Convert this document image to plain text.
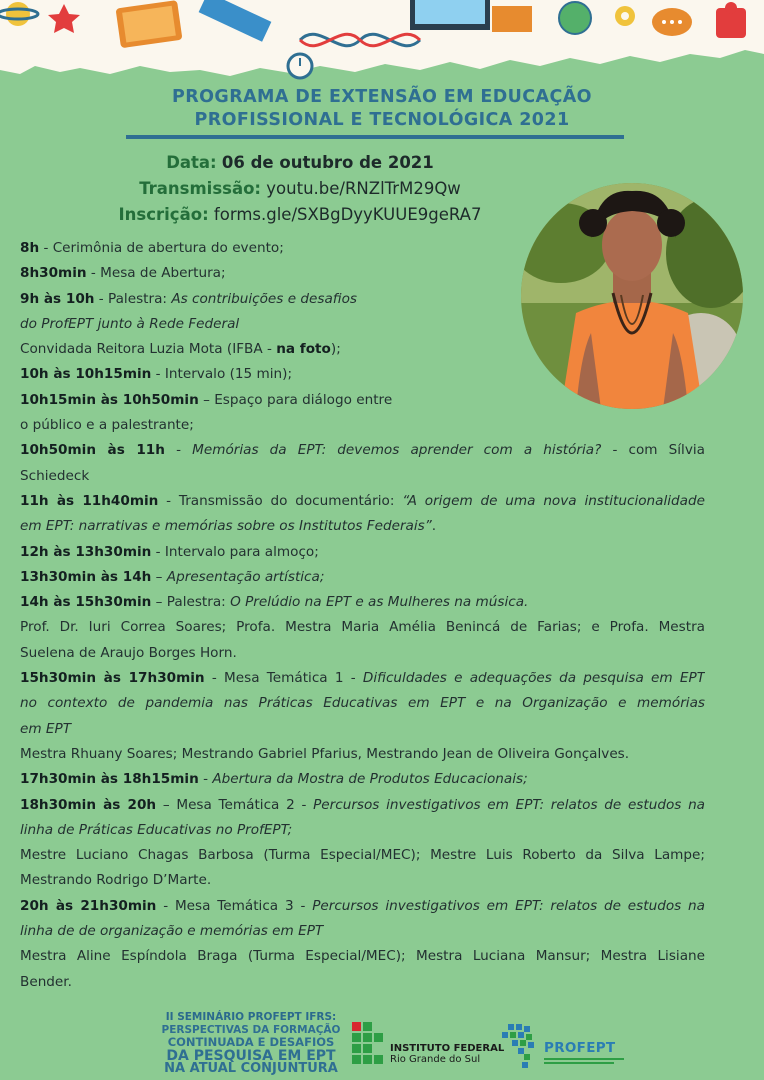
PROGRAMA DE EXTENSÃO EM EDUCAÇÃO
PROFISSIONAL E TECNOLÓGICA 2021
Data: 06 de outubro de 2021
Transmissão: youtu.be/RNZlTrM29Qw
Inscrição: forms.gle/SXBgDyyKUUE9geRA7
8h - Cerimônia de abertura do evento;
8h30min - Mesa de Abertura;
9h às 10h - Palestra: As contribuições e desafios
do ProfEPT junto à Rede Federal
Convidada Reitora Luzia Mota (IFBA - na foto);
10h às 10h15min - Intervalo (15 min);
10h15min às 10h50min – Espaço para diálogo entre
o público e a palestrante;
10h50min às 11h - Memórias da EPT: devemos aprender com a história? - com Sílvia
Schiedeck
11h às 11h40min - Transmissão do documentário: “A origem de uma nova institucionalidade
em EPT: narrativas e memórias sobre os Institutos Federais”.
12h às 13h30min - Intervalo para almoço;
13h30min às 14h – Apresentação artística;
14h às 15h30min – Palestra: O Prelúdio na EPT e as Mulheres na música.
Prof. Dr. Iuri Correa Soares; Profa. Mestra Maria Amélia Benincá de Farias; e Profa. Mestra
Suelena de Araujo Borges Horn.
15h30min às 17h30min - Mesa Temática 1 - Dificuldades e adequações da pesquisa em EPT
no contexto de pandemia nas Práticas Educativas em EPT e na Organização e memórias
em EPT
Mestra Rhuany Soares; Mestrando Gabriel Pfarius, Mestrando Jean de Oliveira Gonçalves.
17h30min às 18h15min - Abertura da Mostra de Produtos Educacionais;
18h30min às 20h – Mesa Temática 2 - Percursos investigativos em EPT: relatos de estudos na
linha de Práticas Educativas no ProfEPT;
Mestre Luciano Chagas Barbosa (Turma Especial/MEC); Mestre Luis Roberto da Silva Lampe;
Mestrando Rodrigo D’Marte.
20h às 21h30min - Mesa Temática 3 - Percursos investigativos em EPT: relatos de estudos na
linha de de organização e memórias em EPT
Mestra Aline Espíndola Braga (Turma Especial/MEC); Mestra Luciana Mansur; Mestra Lisiane
Bender.
II SEMINÁRIO PROFEPT IFRS:
PERSPECTIVAS DA FORMAÇÃO
CONTINUADA E DESAFIOS
DA PESQUISA EM EPT
NA ATUAL CONJUNTURA
INSTITUTO FEDERAL
Rio Grande do Sul
PROFEPT
